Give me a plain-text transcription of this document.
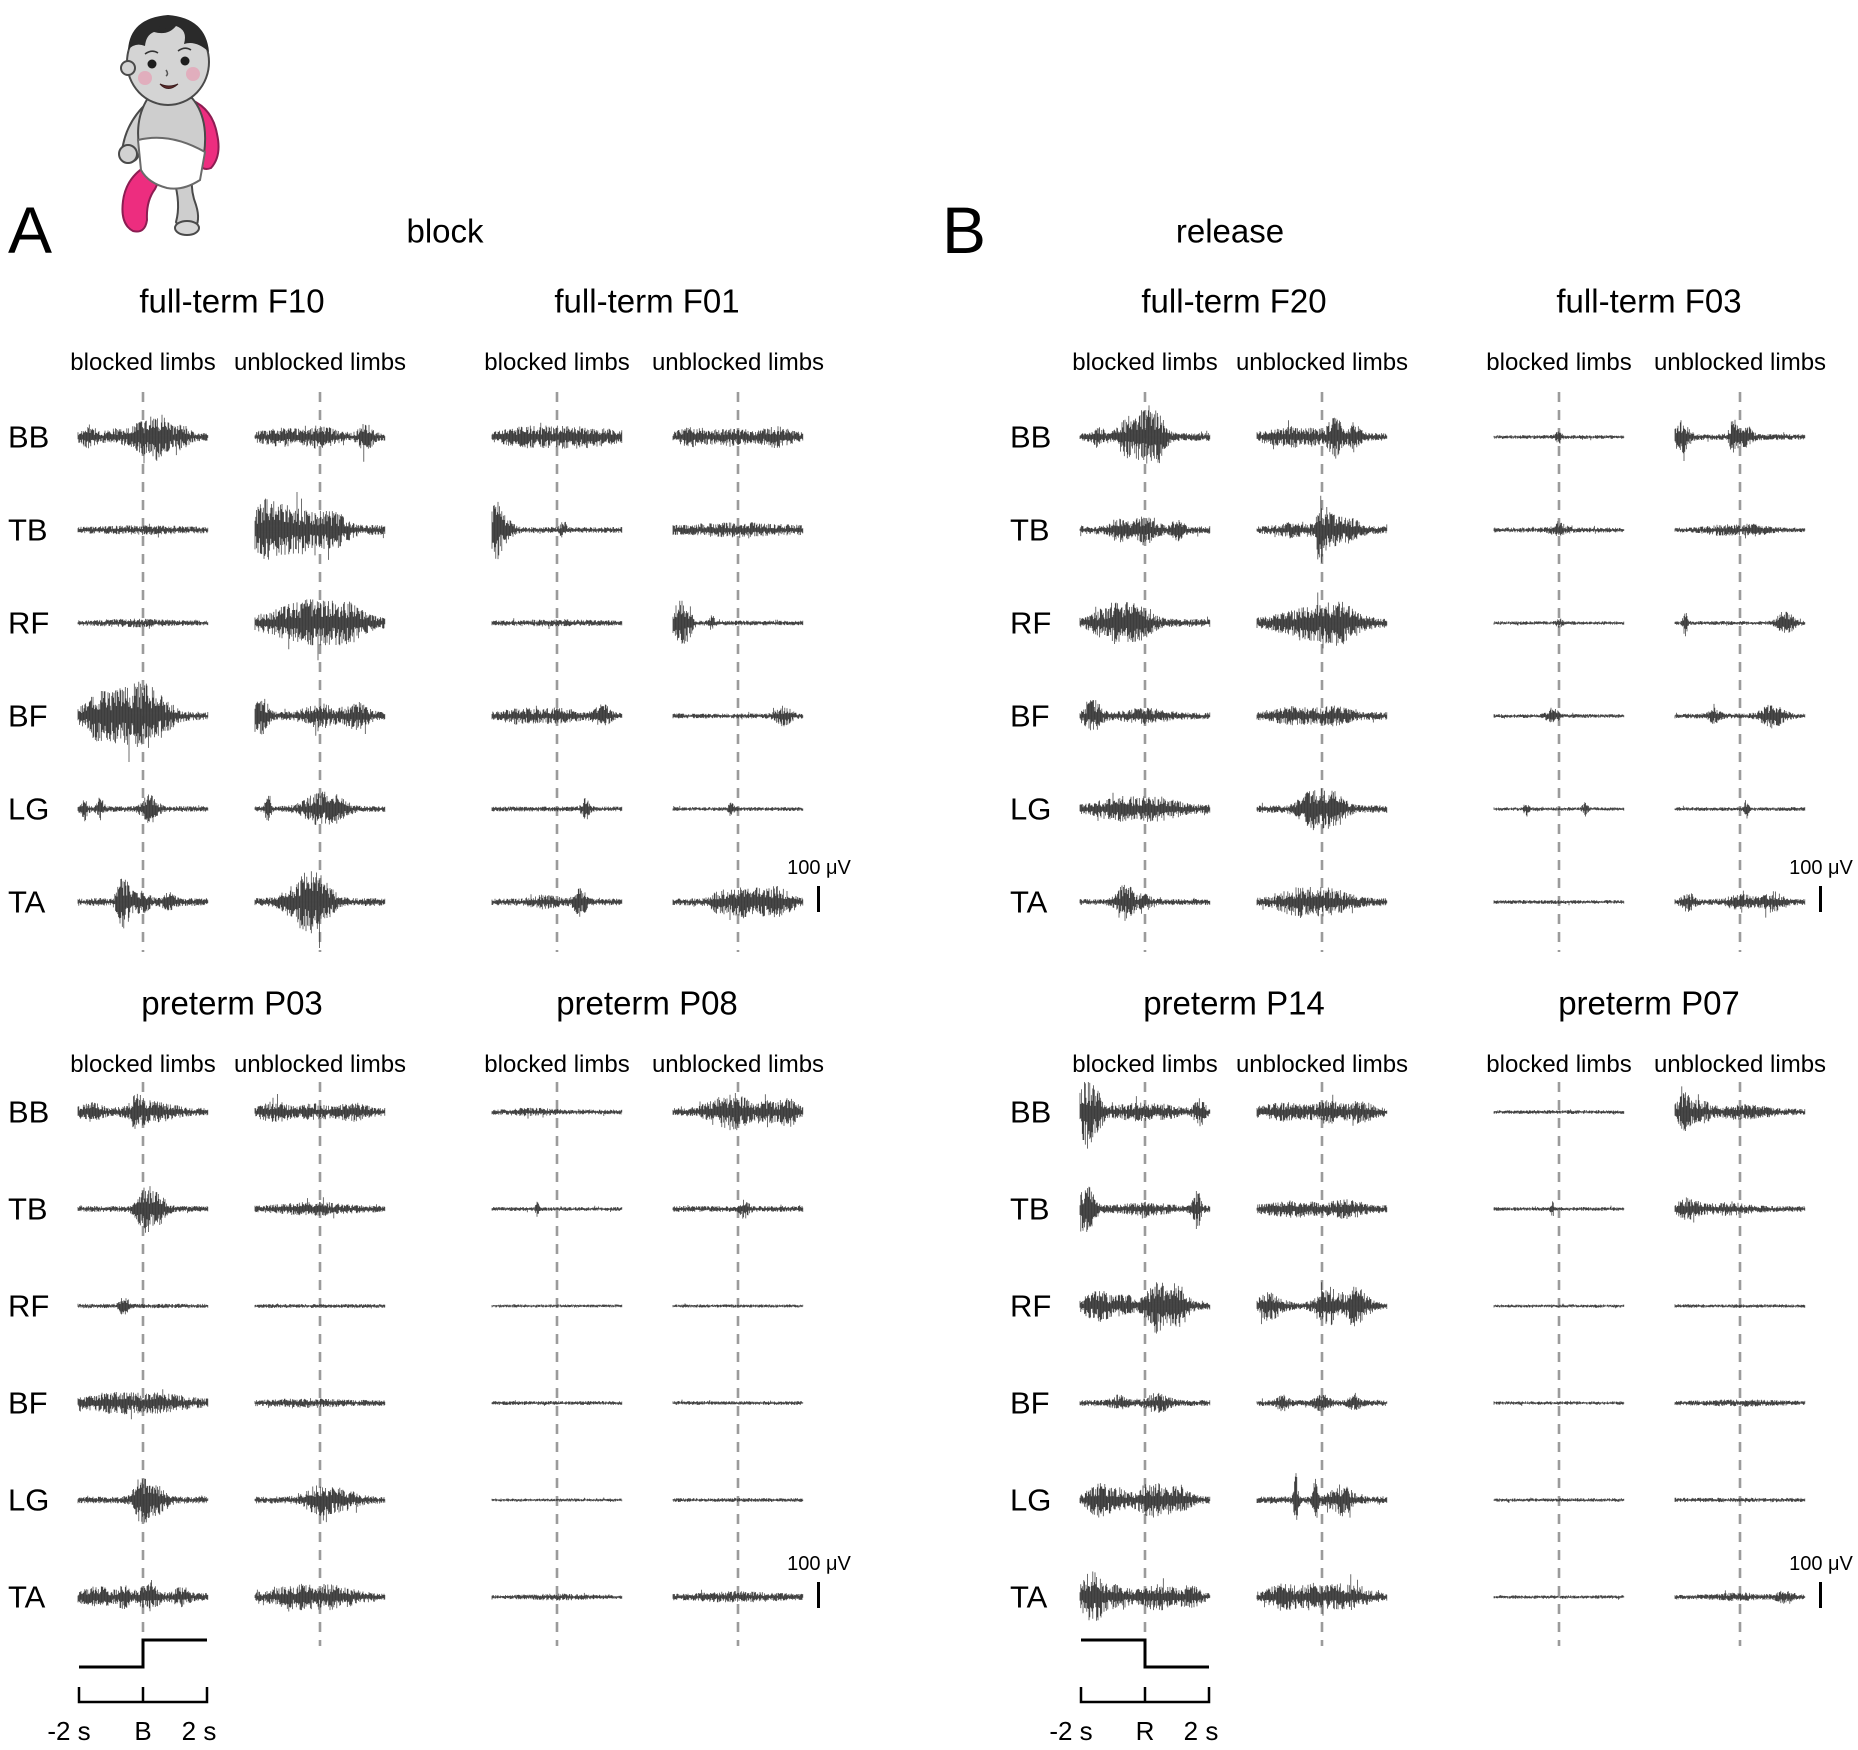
A	block
full-term F10
blocked limbs unblocked limbs
BB
TB
RF
BF
LG
TA
full-term F01
blocked limbs unblocked limbs
100 μV
preterm P03
blocked limbs unblocked limbs
BB
TB
RF
BF
LG
TA
-2 s B 2 s
preterm P08
blocked limbs unblocked limbs
100 μV
B	release
full-term F20
blocked limbs unblocked limbs
BB
TB
RF
BF
LG
TA
full-term F03
blocked limbs unblocked limbs
100 μV
preterm P14
blocked limbs unblocked limbs
BB
TB
RF
BF
LG
TA
-2 s R 2 s
preterm P07
blocked limbs unblocked limbs
100 μV
